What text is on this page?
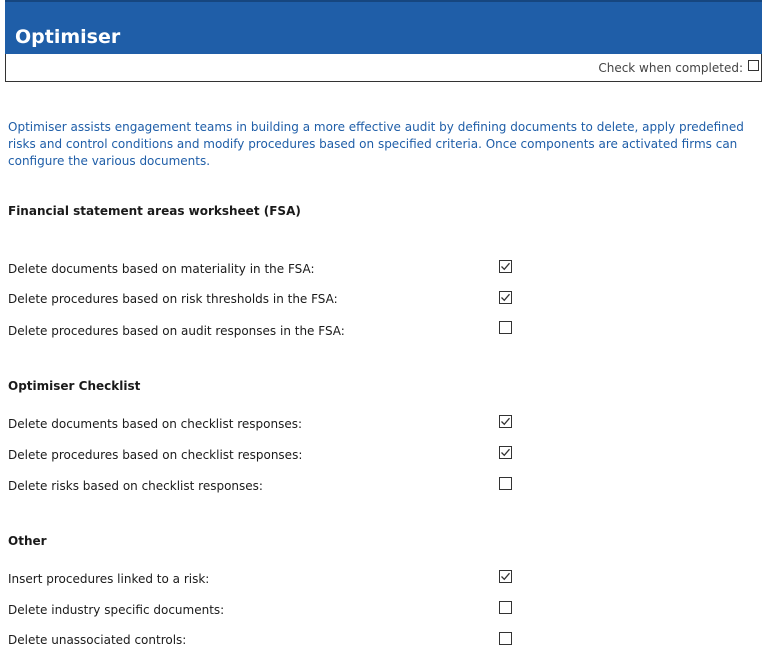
Optimiser
Check when completed:
Optimiser assists engagement teams in building a more effective audit by defining documents to delete, apply predefined risks and control conditions and modify procedures based on specified criteria. Once components are activated firms can configure the various documents.
Financial statement areas worksheet (FSA)
Delete documents based on materiality in the FSA:
Delete procedures based on risk thresholds in the FSA:
Delete procedures based on audit responses in the FSA:
Optimiser Checklist
Delete documents based on checklist responses:
Delete procedures based on checklist responses:
Delete risks based on checklist responses:
Other
Insert procedures linked to a risk:
Delete industry specific documents:
Delete unassociated controls:
